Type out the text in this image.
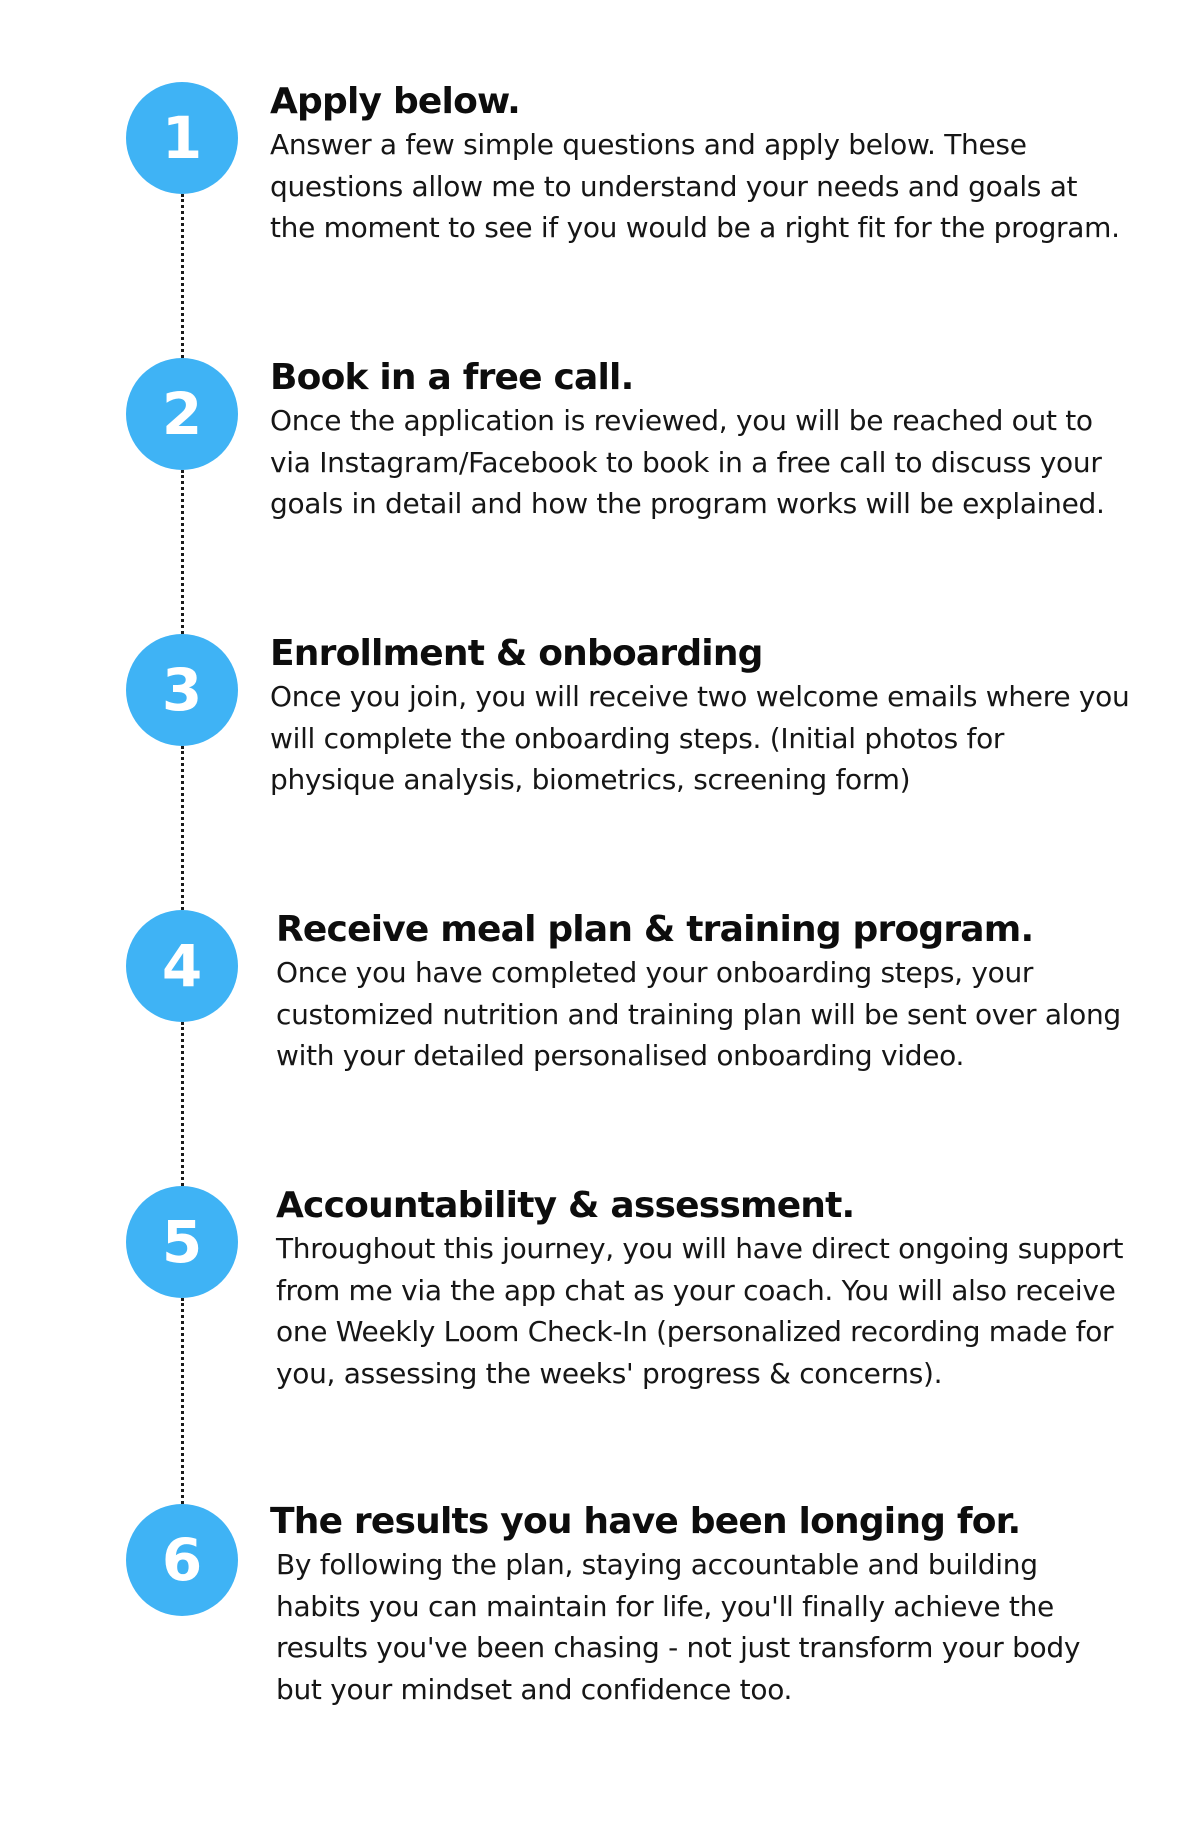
1
Apply below.

Answer a few simple questions and apply below. These questions allow me to understand your needs and goals at the moment to see if you would be a right fit for the program.

2
Book in a free call.

Once the application is reviewed, you will be reached out to via Instagram/Facebook to book in a free call to discuss your goals in detail and how the program works will be explained.

3
Enrollment & onboarding

Once you join, you will receive two welcome emails where you will complete the onboarding steps. (Initial photos for physique analysis, biometrics, screening form)

4
Receive meal plan & training program.

Once you have completed your onboarding steps, your customized nutrition and training plan will be sent over along with your detailed personalised onboarding video.

5
Accountability & assessment.

Throughout this journey, you will have direct ongoing support from me via the app chat as your coach. You will also receive one Weekly Loom Check-In (personalized recording made for you, assessing the weeks' progress & concerns).

6
The results you have been longing for.

By following the plan, staying accountable and building habits you can maintain for life, you'll finally achieve the results you've been chasing - not just transform your body but your mindset and confidence too.
